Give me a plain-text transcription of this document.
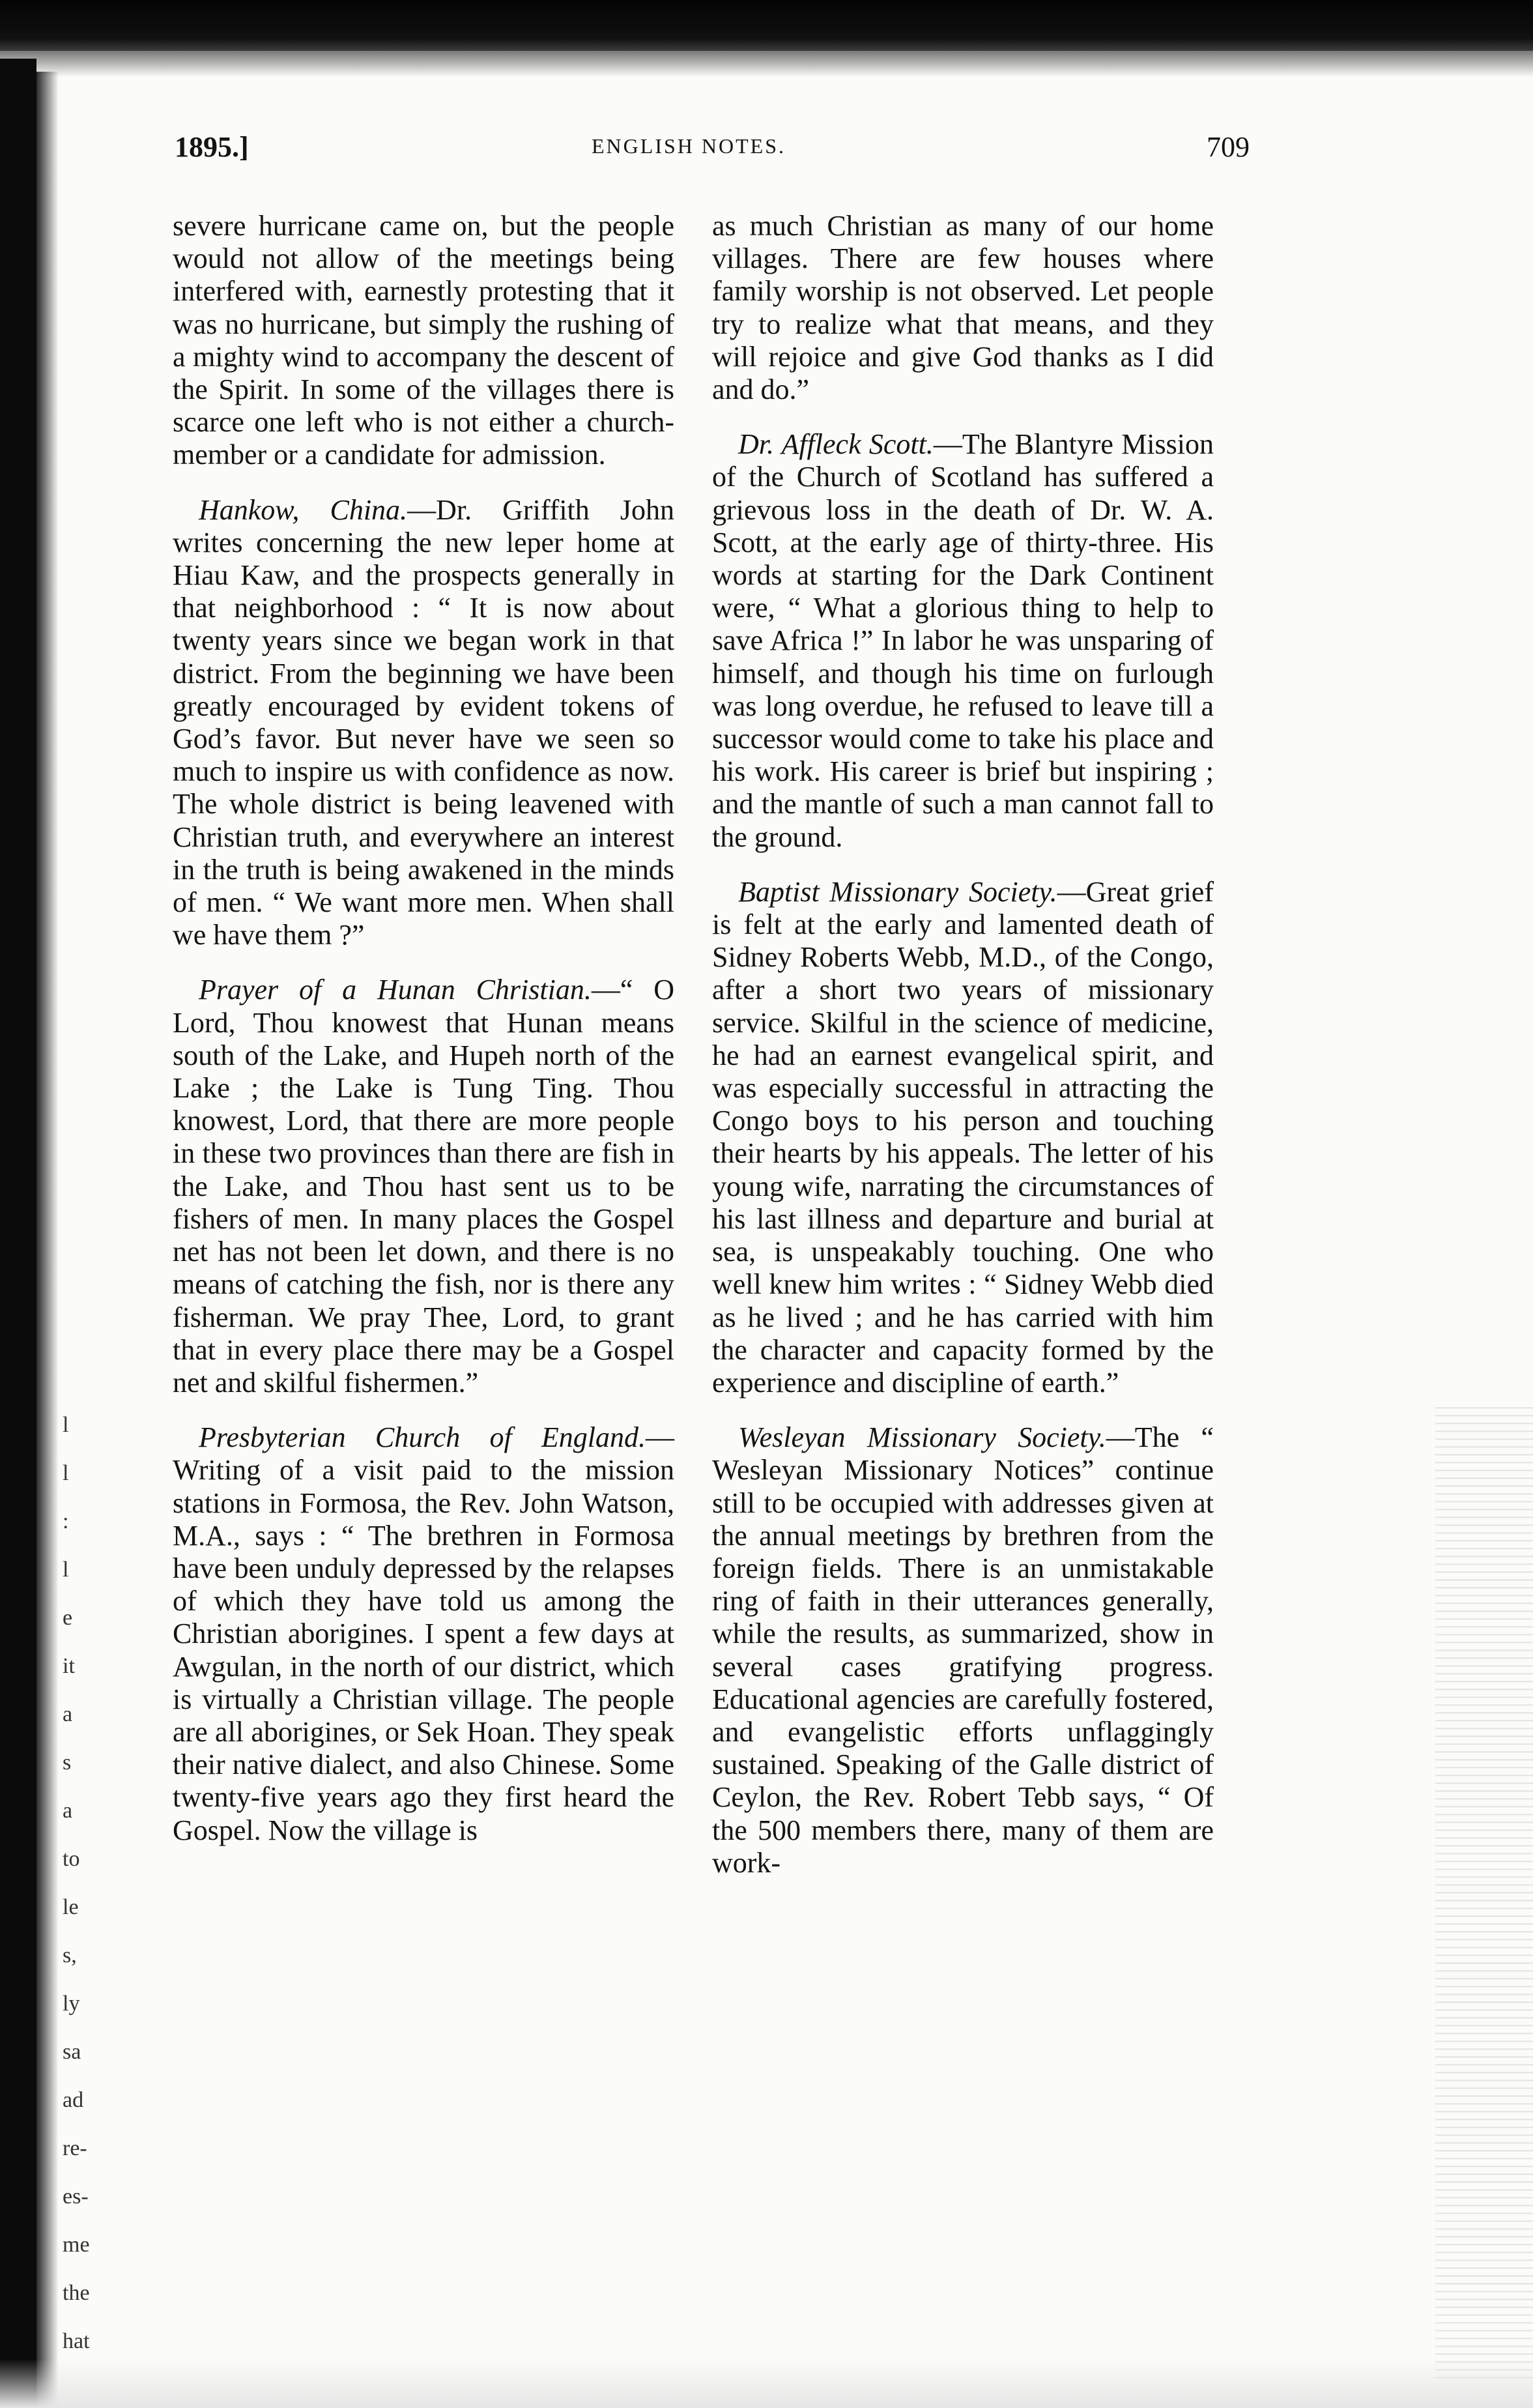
l
l
:
l
e
it
a
s
a
to
le
s,
ly
sa
ad
re-
es-
me
the
hat
1895.]	ENGLISH NOTES.	709

severe hurricane came on, but the people would not allow of the meetings being interfered with, earnestly protesting that it was no hurricane, but simply the rushing of a mighty wind to accompany the descent of the Spirit. In some of the villages there is scarce one left who is not either a church-member or a candidate for admission.

Hankow, China.—Dr. Griffith John writes concerning the new leper home at Hiau Kaw, and the prospects generally in that neighborhood : “ It is now about twenty years since we began work in that district. From the beginning we have been greatly encouraged by evident tokens of God’s favor. But never have we seen so much to inspire us with confidence as now. The whole district is being leavened with Christian truth, and everywhere an interest in the truth is being awakened in the minds of men. “ We want more men. When shall we have them ?”

Prayer of a Hunan Christian.—“ O Lord, Thou knowest that Hunan means south of the Lake, and Hupeh north of the Lake ; the Lake is Tung Ting. Thou knowest, Lord, that there are more people in these two provinces than there are fish in the Lake, and Thou hast sent us to be fishers of men. In many places the Gospel net has not been let down, and there is no means of catching the fish, nor is there any fisherman. We pray Thee, Lord, to grant that in every place there may be a Gospel net and skilful fishermen.”

Presbyterian Church of England.—Writing of a visit paid to the mission stations in Formosa, the Rev. John Watson, M.A., says : “ The brethren in Formosa have been unduly depressed by the relapses of which they have told us among the Christian aborigines. I spent a few days at Awgulan, in the north of our district, which is virtually a Christian village. The people are all aborigines, or Sek Hoan. They speak their native dialect, and also Chinese. Some twenty-five years ago they first heard the Gospel. Now the village is

as much Christian as many of our home villages. There are few houses where family worship is not observed. Let people try to realize what that means, and they will rejoice and give God thanks as I did and do.”

Dr. Affleck Scott.—The Blantyre Mission of the Church of Scotland has suffered a grievous loss in the death of Dr. W. A. Scott, at the early age of thirty-three. His words at starting for the Dark Continent were, “ What a glorious thing to help to save Africa !” In labor he was unsparing of himself, and though his time on furlough was long overdue, he refused to leave till a successor would come to take his place and his work. His career is brief but inspiring ; and the mantle of such a man cannot fall to the ground.

Baptist Missionary Society.—Great grief is felt at the early and lamented death of Sidney Roberts Webb, M.D., of the Congo, after a short two years of missionary service. Skilful in the science of medicine, he had an earnest evangelical spirit, and was especially successful in attracting the Congo boys to his person and touching their hearts by his appeals. The letter of his young wife, narrating the circumstances of his last illness and departure and burial at sea, is unspeakably touching. One who well knew him writes : “ Sidney Webb died as he lived ; and he has carried with him the character and capacity formed by the experience and discipline of earth.”

Wesleyan Missionary Society.—The “ Wesleyan Missionary Notices” continue still to be occupied with addresses given at the annual meetings by brethren from the foreign fields. There is an unmistakable ring of faith in their utterances generally, while the results, as summarized, show in several cases gratifying progress. Educational agencies are carefully fostered, and evangelistic efforts unflaggingly sustained. Speaking of the Galle district of Ceylon, the Rev. Robert Tebb says, “ Of the 500 members there, many of them are work-
